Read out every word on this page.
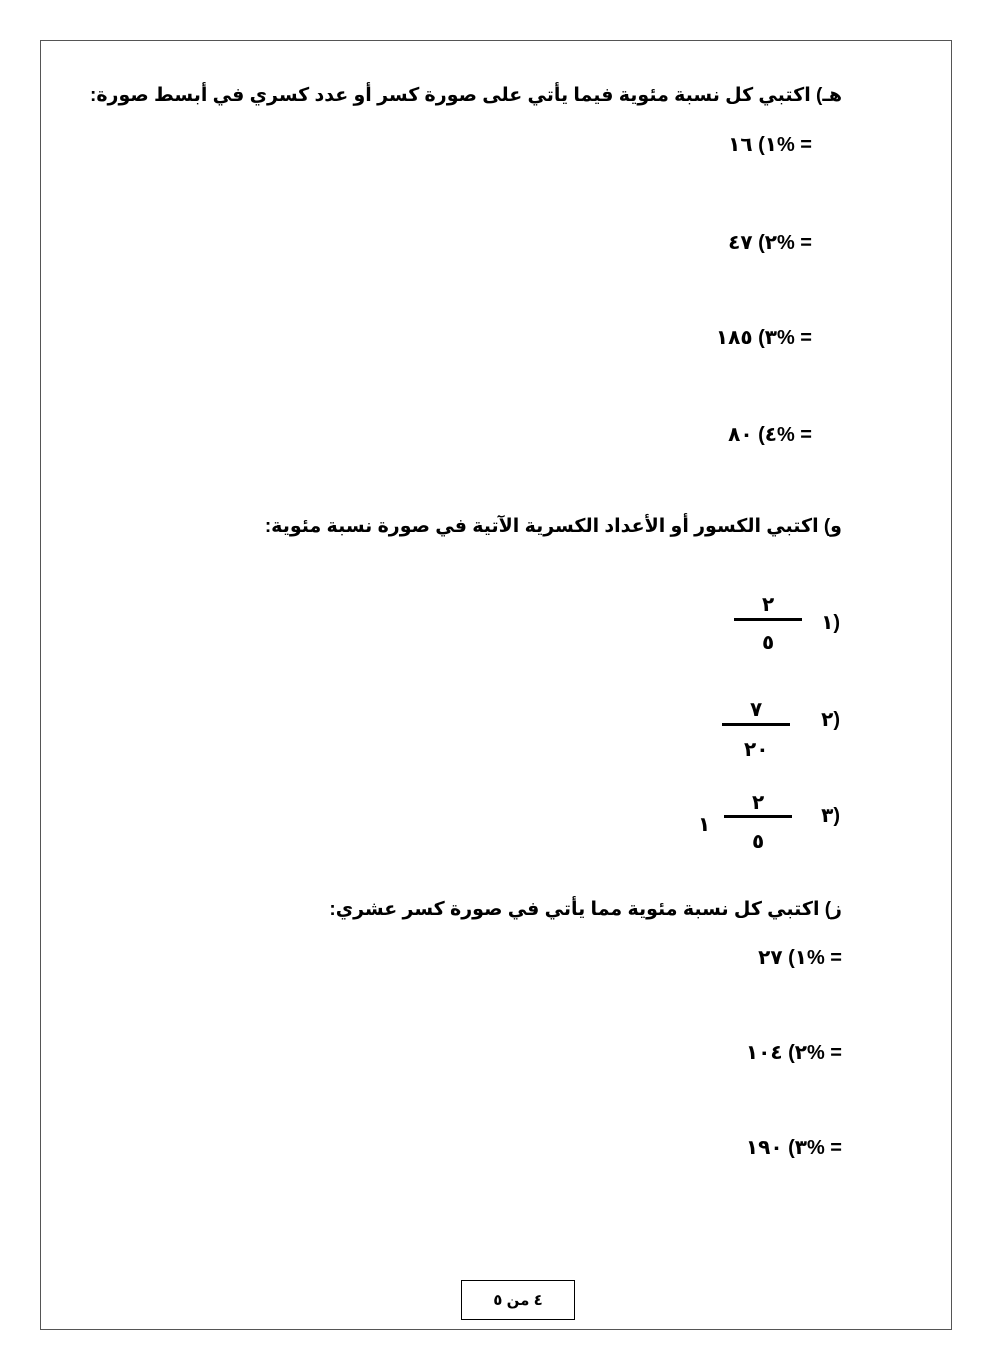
هـ) اكتبي كل نسبة مئوية فيما يأتي على صورة كسر أو عدد كسري في أبسط صورة:
١) ١٦% =
٢) ٤٧% =
٣) ١٨٥% =
٤) ٨٠% =
و) اكتبي الكسور أو الأعداد الكسرية الآتية في صورة نسبة مئوية:
١)
٢
٥
٢)
٧
٢٠
٣)
٢
٥
١
ز) اكتبي كل نسبة مئوية مما يأتي في صورة كسر عشري:
١) ٢٧% =
٢) ١٠٤% =
٣) ١٩٠% =
٤ من ٥
